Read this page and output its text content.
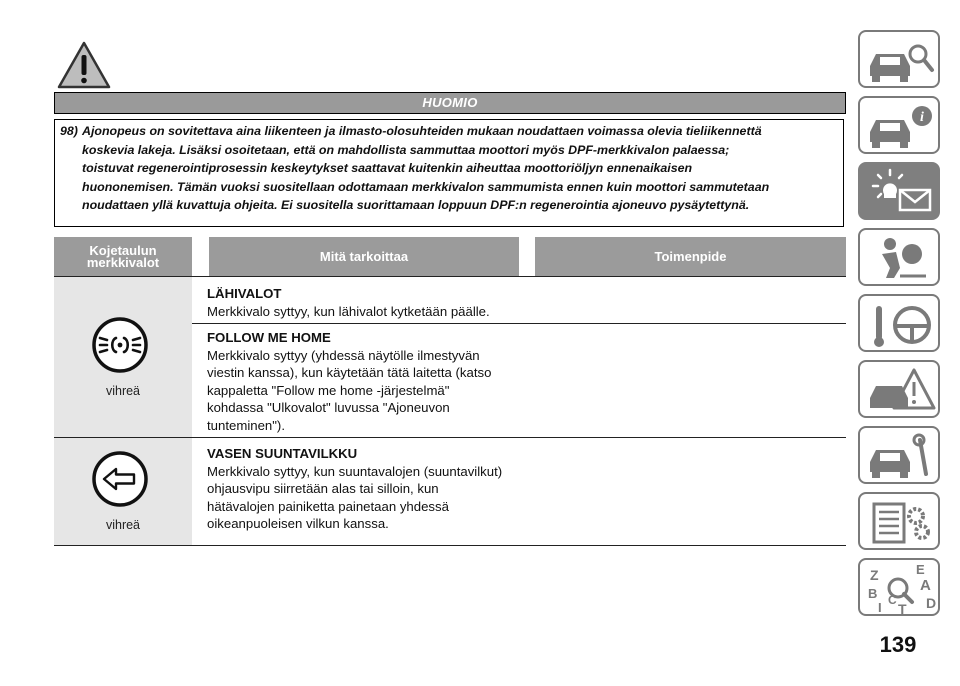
HUOMIO
98) Ajonopeus on sovitettava aina liikenteen ja ilmasto-olosuhteiden mukaan noudattaen voimassa olevia tieliikennettä
koskevia lakeja. Lisäksi osoitetaan, että on mahdollista sammuttaa moottori myös DPF-merkkivalon palaessa;
toistuvat regenerointiprosessin keskeytykset saattavat kuitenkin aiheuttaa moottoriöljyn ennenaikaisen
huononemisen. Tämän vuoksi suositellaan odottamaan merkkivalon sammumista ennen kuin moottori sammutetaan
noudattaen yllä kuvattuja ohjeita. Ei suositella suorittamaan loppuun DPF:n regenerointia ajoneuvo pysäytettynä.
Kojetaulun
merkkivalot	Mitä tarkoittaa	Toimenpide
vihreä
LÄHIVALOT
Merkkivalo syttyy, kun lähivalot kytketään päälle.
FOLLOW ME HOME
Merkkivalo syttyy (yhdessä näytölle ilmestyvän
viestin kanssa), kun käytetään tätä laitetta (katso
kappaletta "Follow me home -järjestelmä"
kohdassa "Ulkovalot" luvussa "Ajoneuvon
tunteminen").
vihreä
VASEN SUUNTAVILKKU
Merkkivalo syttyy, kun suuntavalojen (suuntavilkut)
ohjausvipu siirretään alas tai silloin, kun
hätävalojen painiketta painetaan yhdessä
oikeanpuoleisen vilkun kanssa.
i
Z	E
A
B C
I T D
139
